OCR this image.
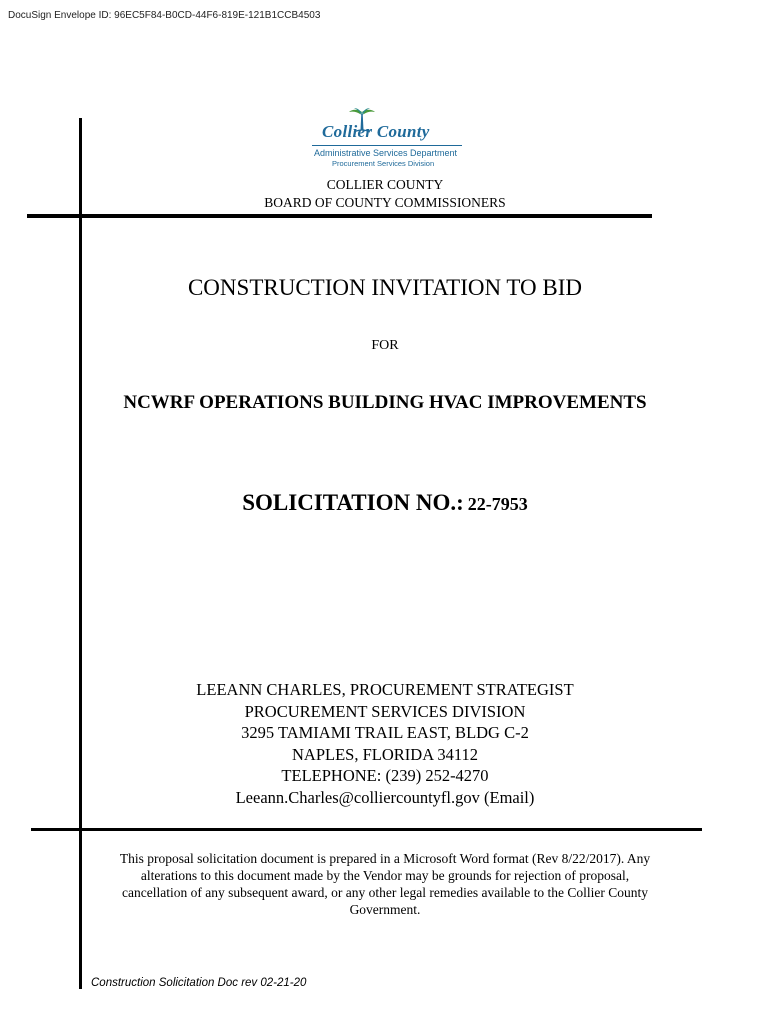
DocuSign Envelope ID: 96EC5F84-B0CD-44F6-819E-121B1CCB4503
Collier County
Administrative Services Department
Procurement Services Division
COLLIER COUNTY
BOARD OF COUNTY COMMISSIONERS
CONSTRUCTION INVITATION TO BID
FOR
NCWRF OPERATIONS BUILDING HVAC IMPROVEMENTS
SOLICITATION NO.: 22-7953
LEEANN CHARLES, PROCUREMENT STRATEGIST
PROCUREMENT SERVICES DIVISION
3295 TAMIAMI TRAIL EAST, BLDG C-2
NAPLES, FLORIDA 34112
TELEPHONE: (239) 252-4270
Leeann.Charles@colliercountyfl.gov (Email)
This proposal solicitation document is prepared in a Microsoft Word format (Rev 8/22/2017). Any
alterations to this document made by the Vendor may be grounds for rejection of proposal,
cancellation of any subsequent award, or any other legal remedies available to the Collier County
Government.
Construction Solicitation Doc rev 02-21-20
